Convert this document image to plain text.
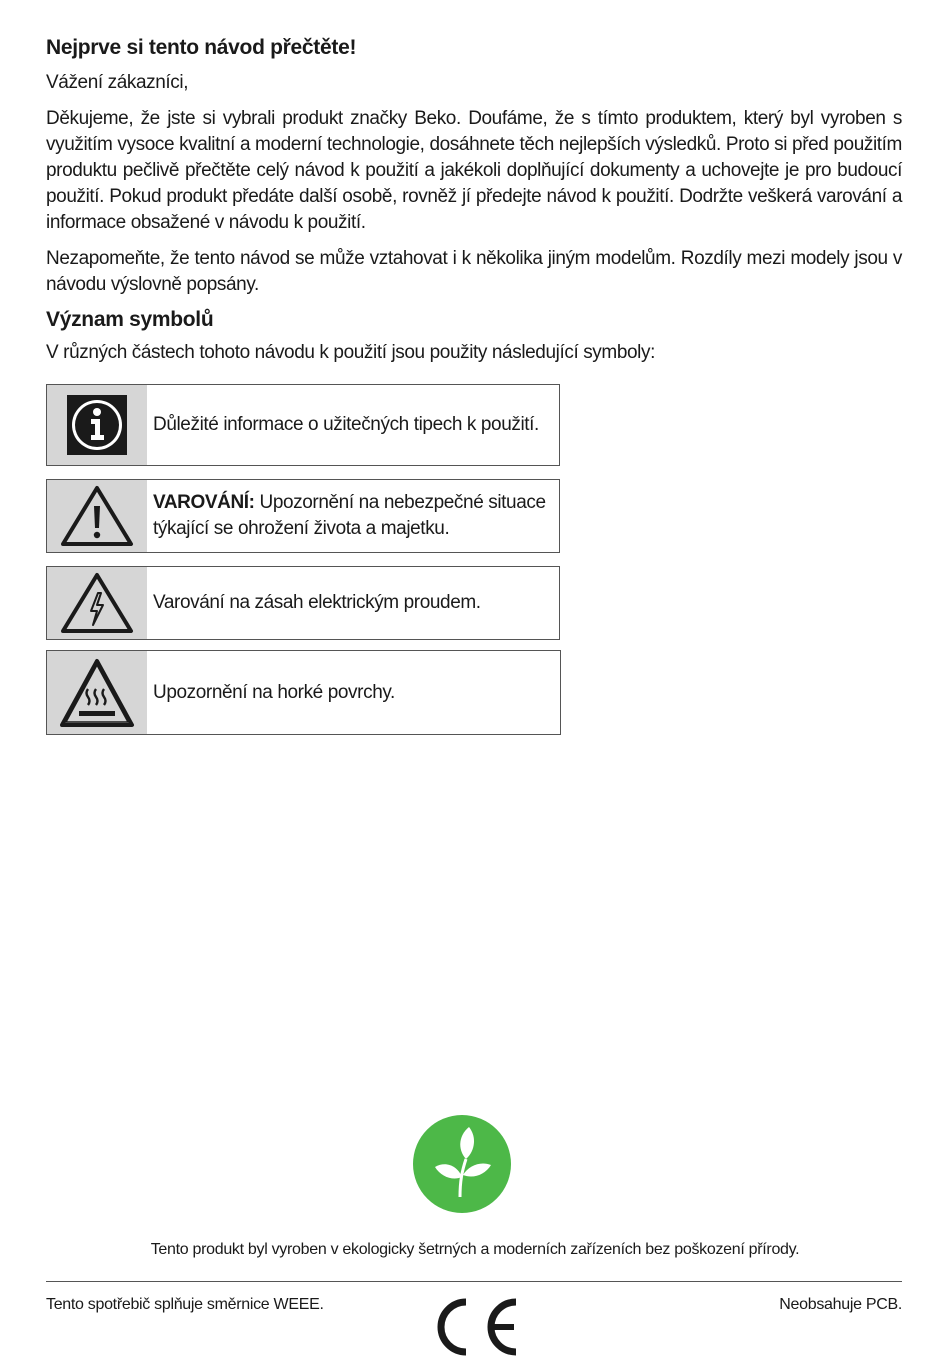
Nejprve si tento návod přečtěte!
Vážení zákazníci,
Děkujeme, že jste si vybrali produkt značky Beko. Doufáme, že s tímto produktem, který byl vyroben s využitím vysoce kvalitní a moderní technologie, dosáhnete těch nejlepších výsledků. Proto si před použitím produktu pečlivě přečtěte celý návod k použití a jakékoli doplňující dokumenty a uchovejte je pro budoucí použití. Pokud produkt předáte další osobě, rovněž jí předejte návod k použití. Dodržte veškerá varování a informace obsažené v návodu k použití.
Nezapomeňte, že tento návod se může vztahovat i k několika jiným modelům. Rozdíly mezi modely jsou v návodu výslovně popsány.
Význam symbolů
V různých částech tohoto návodu k použití jsou použity následující symboly:
Důležité informace o užitečných tipech k použití.
VAROVÁNÍ: Upozornění na nebezpečné situace týkající se ohrožení života a majetku.
Varování na zásah elektrickým proudem.
Upozornění na horké povrchy.
Tento produkt byl vyroben v ekologicky šetrných a moderních zařízeních bez poškození přírody.
Tento spotřebič splňuje směrnice WEEE.	Neobsahuje PCB.
